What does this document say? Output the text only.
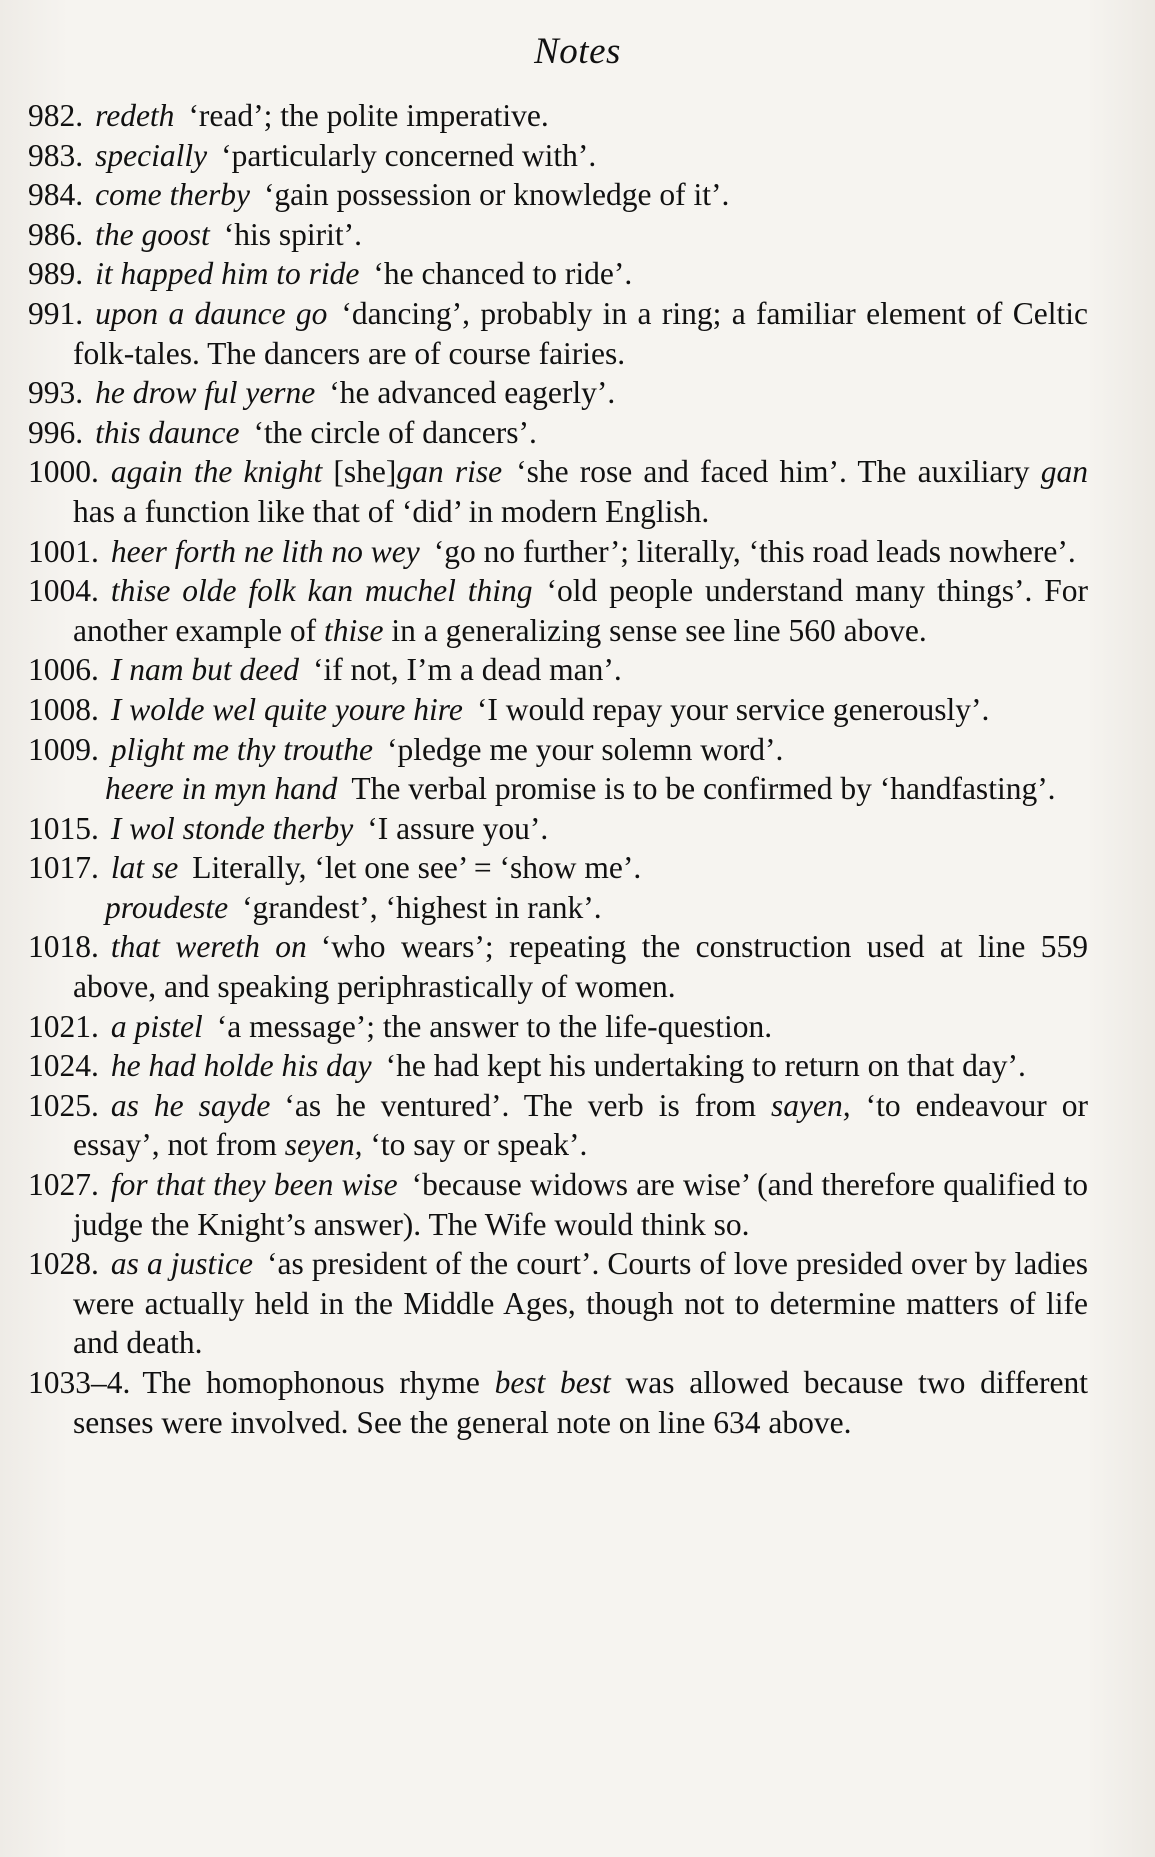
Notes

982. redeth ‘read’; the polite imperative.

983. specially ‘particularly concerned with’.

984. come therby ‘gain possession or knowledge of it’.

986. the goost ‘his spirit’.

989. it happed him to ride ‘he chanced to ride’.

991. upon a daunce go ‘dancing’, probably in a ring; a familiar element of Celtic folk-tales. The dancers are of course fairies.

993. he drow ful yerne ‘he advanced eagerly’.

996. this daunce ‘the circle of dancers’.

1000. again the knight [she]gan rise ‘she rose and faced him’. The auxiliary gan has a function like that of ‘did’ in modern English.

1001. heer forth ne lith no wey ‘go no further’; literally, ‘this road leads nowhere’.

1004. thise olde folk kan muchel thing ‘old people understand many things’. For another example of thise in a generalizing sense see line 560 above.

1006. I nam but deed ‘if not, I’m a dead man’.

1008. I wolde wel quite youre hire ‘I would repay your service generously’.

1009. plight me thy trouthe ‘pledge me your solemn word’.

heere in myn hand The verbal promise is to be confirmed by ‘handfasting’.

1015. I wol stonde therby ‘I assure you’.

1017. lat se Literally, ‘let one see’ = ‘show me’.

proudeste ‘grandest’, ‘highest in rank’.

1018. that wereth on ‘who wears’; repeating the construction used at line 559 above, and speaking periphrastically of women.

1021. a pistel ‘a message’; the answer to the life-question.

1024. he had holde his day ‘he had kept his undertaking to return on that day’.

1025. as he sayde ‘as he ventured’. The verb is from sayen, ‘to endeavour or essay’, not from seyen, ‘to say or speak’.

1027. for that they been wise ‘because widows are wise’ (and therefore qualified to judge the Knight’s answer). The Wife would think so.

1028. as a justice ‘as president of the court’. Courts of love presided over by ladies were actually held in the Middle Ages, though not to determine matters of life and death.

1033–4. The homophonous rhyme best best was allowed because two different senses were involved. See the general note on line 634 above.
